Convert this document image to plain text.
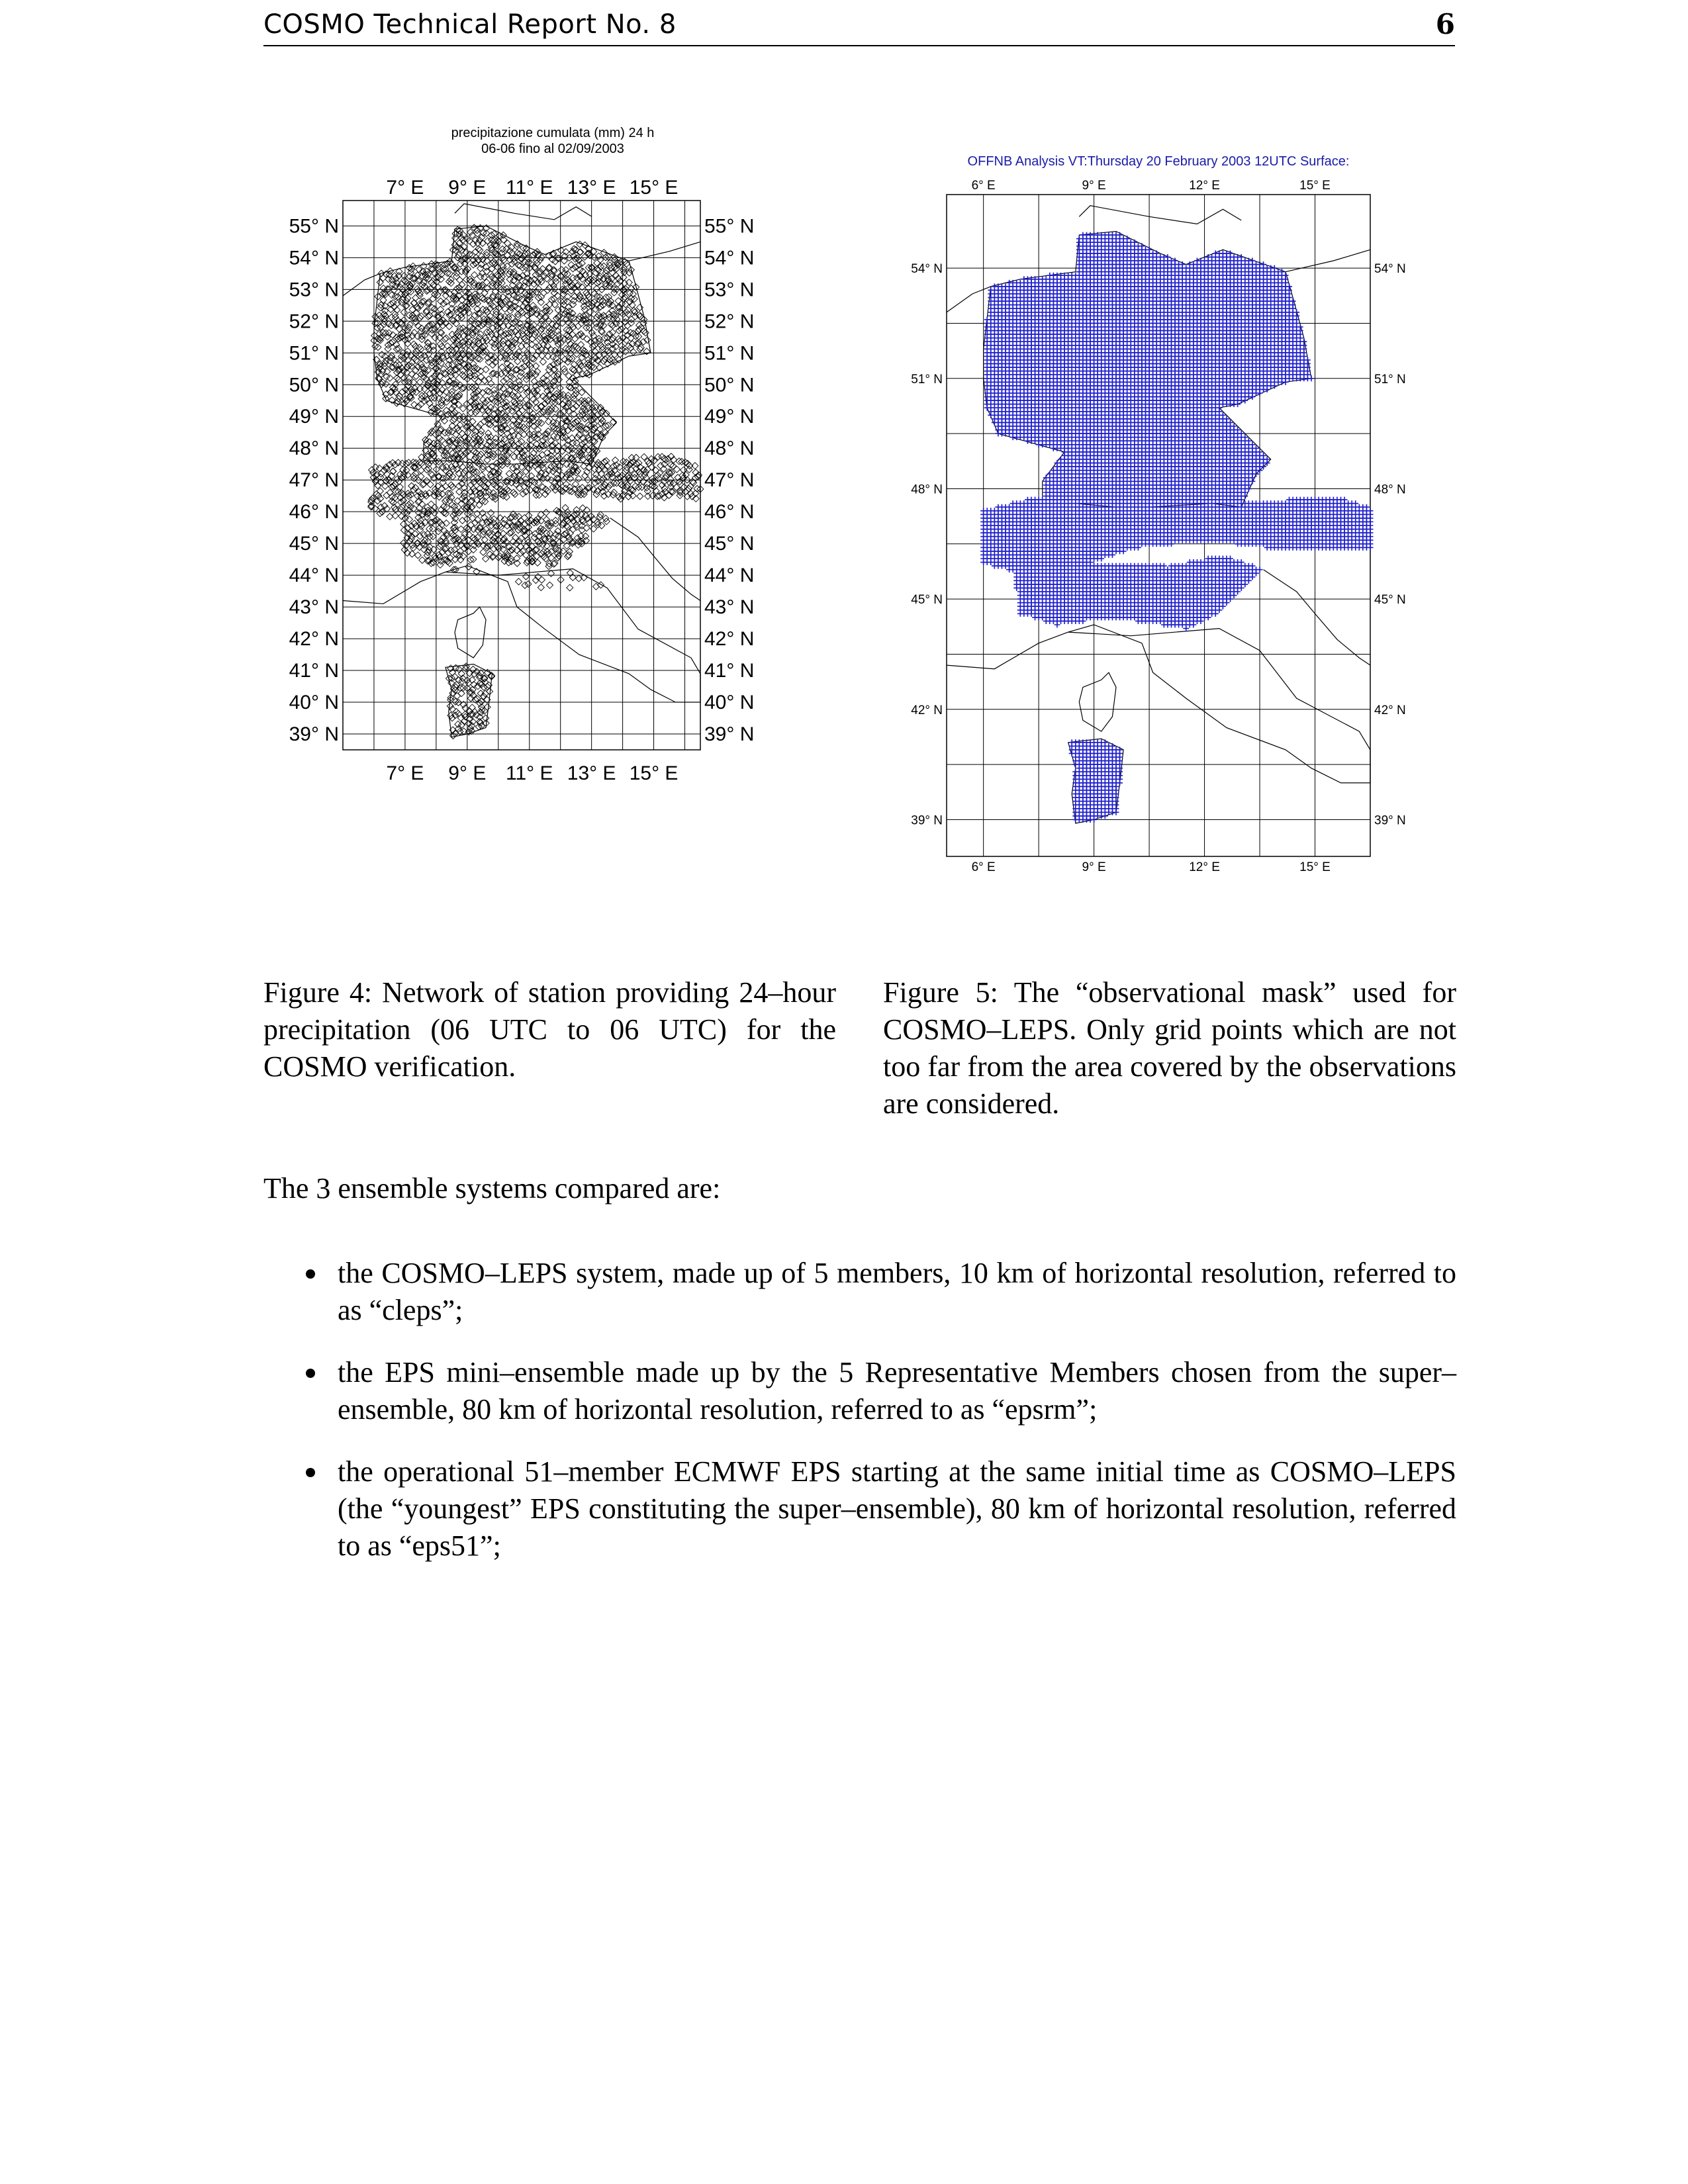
COSMO Technical Report No. 8	6
precipitazione cumulata (mm) 24 h
06-06 fino al 02/09/2003
7° E
7° E
9° E
9° E
11° E
11° E
13° E
13° E
15° E
15° E
55° N	55° N
54° N	54° N
53° N	53° N
52° N	52° N
51° N	51° N
50° N	50° N
49° N	49° N
48° N	48° N
47° N	47° N
46° N	46° N
45° N	45° N
44° N	44° N
43° N	43° N
42° N	42° N
41° N	41° N
40° N	40° N
39° N	39° N
OFFNB Analysis VT:Thursday 20 February 2003 12UTC Surface:
6° E
6° E
9° E
9° E
12° E
12° E
15° E
15° E
54° N	54° N
51° N	51° N
48° N	48° N
45° N	45° N
42° N	42° N
39° N	39° N
Figure 4: Network of station providing 24–hour precipitation (06 UTC to 06 UTC) for the COSMO verification.
Figure 5: The “observational mask” used for COSMO–LEPS. Only grid points which are not too far from the area covered by the observations are considered.
The 3 ensemble systems compared are:
the COSMO–LEPS system, made up of 5 members, 10 km of horizontal resolution, referred to as “cleps”;
the EPS mini–ensemble made up by the 5 Representative Members chosen from the super–ensemble, 80 km of horizontal resolution, referred to as “epsrm”;
the operational 51–member ECMWF EPS starting at the same initial time as COSMO–LEPS (the “youngest” EPS constituting the super–ensemble), 80 km of horizontal resolution, referred to as “eps51”;
